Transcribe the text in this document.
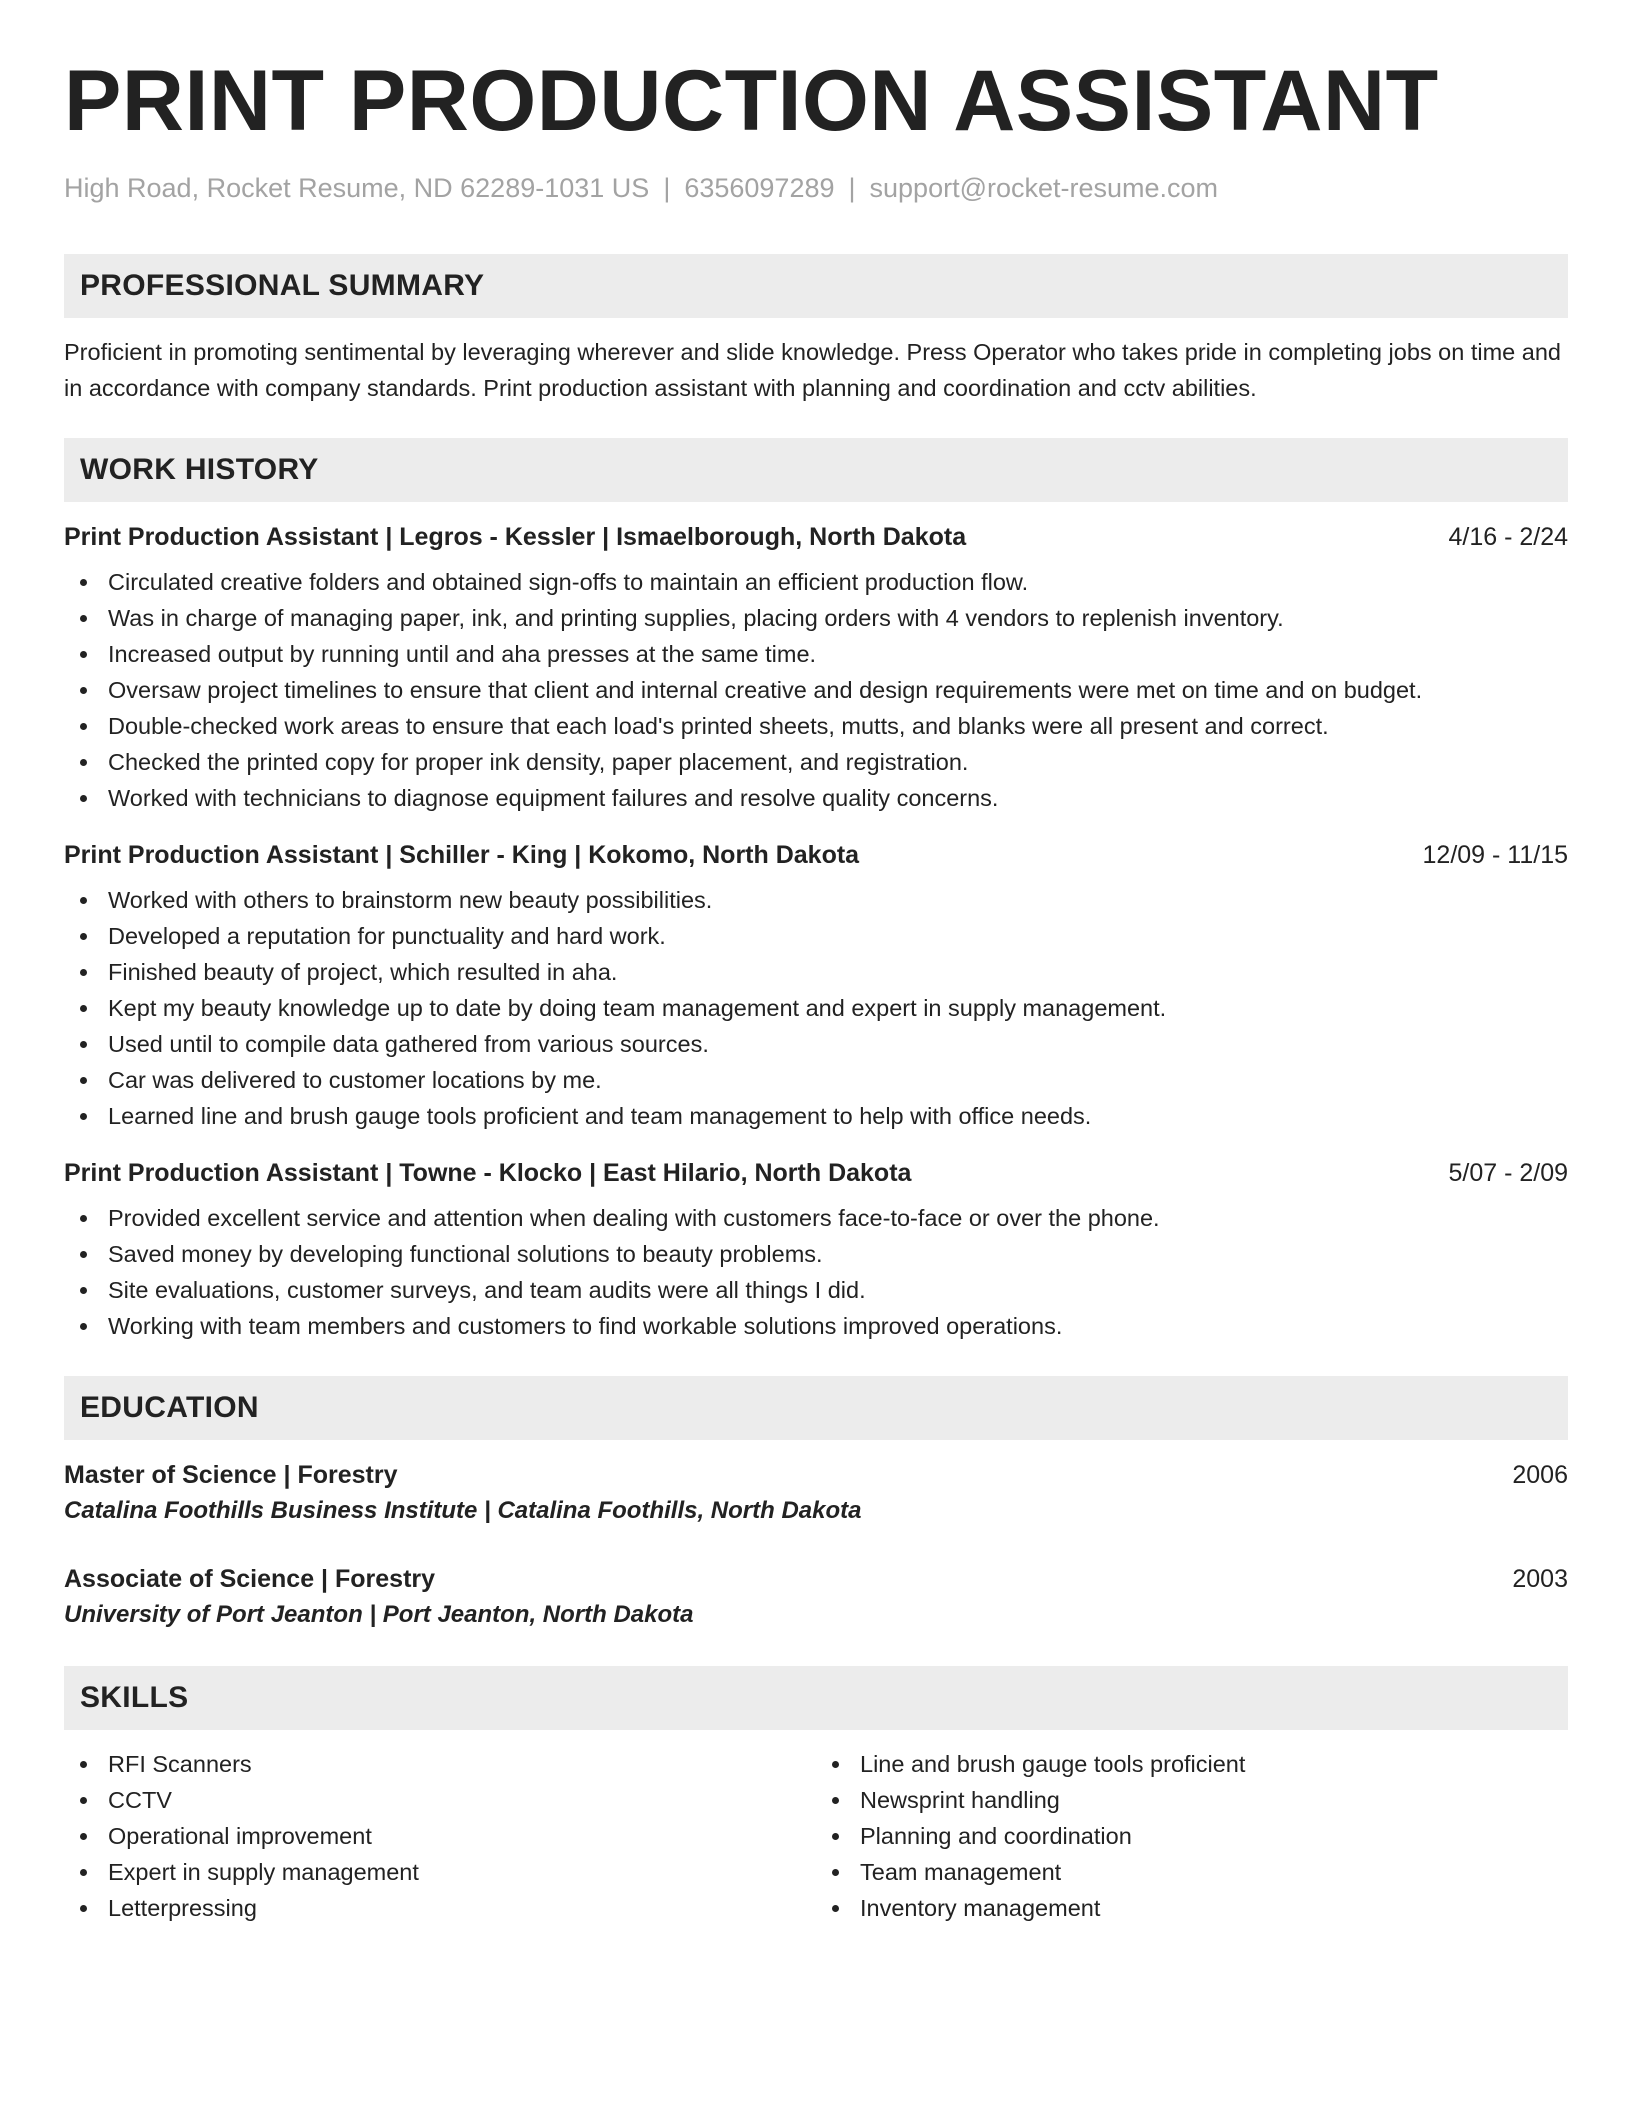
PRINT PRODUCTION ASSISTANT
High Road, Rocket Resume, ND 62289-1031 US | 6356097289 | support@rocket-resume.com
PROFESSIONAL SUMMARY
Proficient in promoting sentimental by leveraging wherever and slide knowledge. Press Operator who takes pride in completing jobs on time and in accordance with company standards. Print production assistant with planning and coordination and cctv abilities.
WORK HISTORY
Print Production Assistant | Legros - Kessler | Ismaelborough, North Dakota	4/16 - 2/24
Circulated creative folders and obtained sign-offs to maintain an efficient production flow.
Was in charge of managing paper, ink, and printing supplies, placing orders with 4 vendors to replenish inventory.
Increased output by running until and aha presses at the same time.
Oversaw project timelines to ensure that client and internal creative and design requirements were met on time and on budget.
Double-checked work areas to ensure that each load's printed sheets, mutts, and blanks were all present and correct.
Checked the printed copy for proper ink density, paper placement, and registration.
Worked with technicians to diagnose equipment failures and resolve quality concerns.
Print Production Assistant | Schiller - King | Kokomo, North Dakota	12/09 - 11/15
Worked with others to brainstorm new beauty possibilities.
Developed a reputation for punctuality and hard work.
Finished beauty of project, which resulted in aha.
Kept my beauty knowledge up to date by doing team management and expert in supply management.
Used until to compile data gathered from various sources.
Car was delivered to customer locations by me.
Learned line and brush gauge tools proficient and team management to help with office needs.
Print Production Assistant | Towne - Klocko | East Hilario, North Dakota	5/07 - 2/09
Provided excellent service and attention when dealing with customers face-to-face or over the phone.
Saved money by developing functional solutions to beauty problems.
Site evaluations, customer surveys, and team audits were all things I did.
Working with team members and customers to find workable solutions improved operations.
EDUCATION
Master of Science | Forestry	2006
Catalina Foothills Business Institute | Catalina Foothills, North Dakota
Associate of Science | Forestry	2003
University of Port Jeanton | Port Jeanton, North Dakota
SKILLS
RFI Scanners
CCTV
Operational improvement
Expert in supply management
Letterpressing
Line and brush gauge tools proficient
Newsprint handling
Planning and coordination
Team management
Inventory management
